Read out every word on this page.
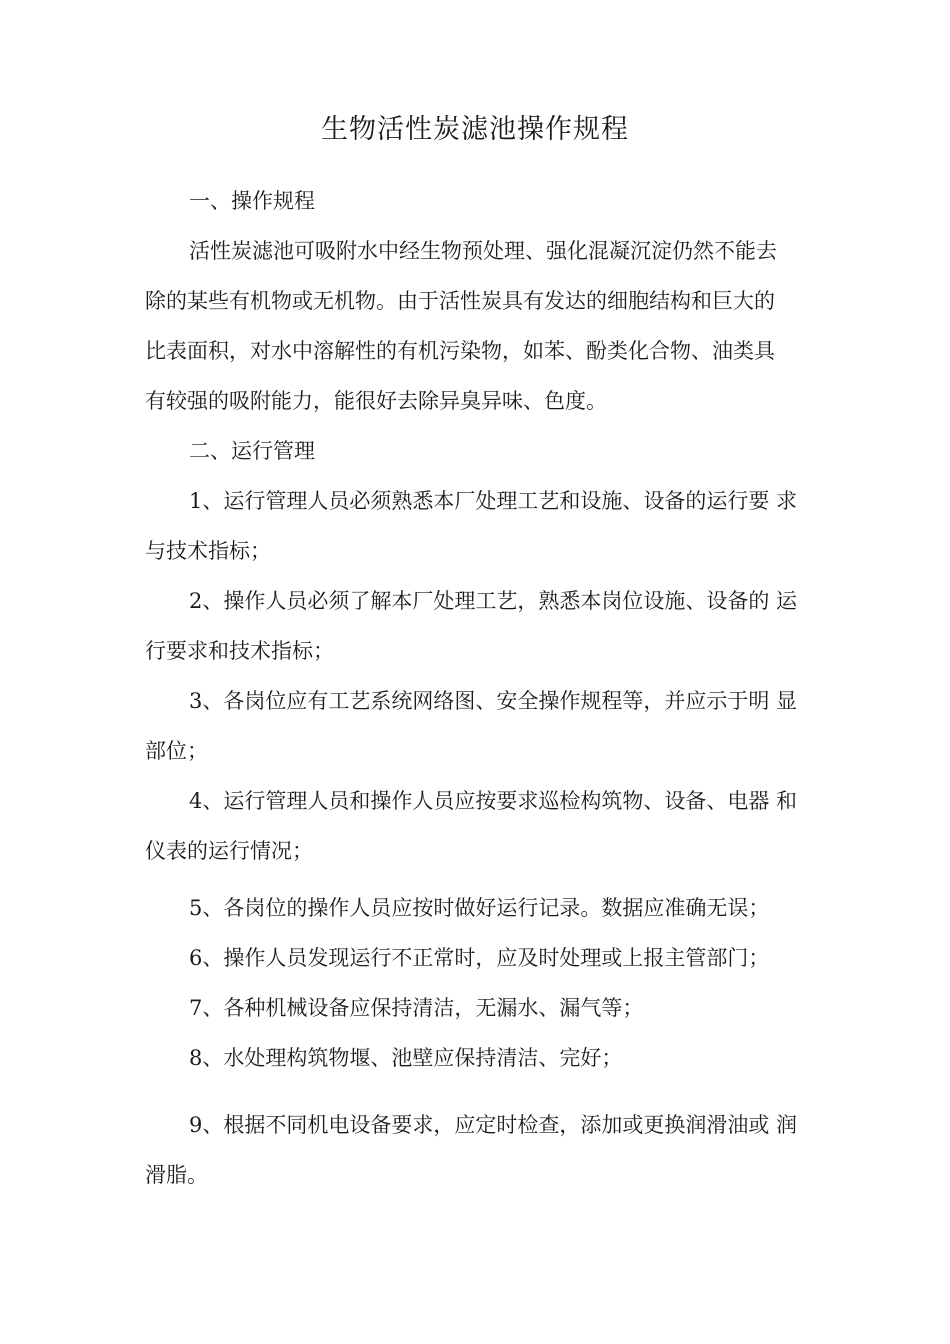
生物活性炭滤池操作规程
一、操作规程
活性炭滤池可吸附水中经生物预处理、强化混凝沉淀仍然不能去
除的某些有机物或无机物。由于活性炭具有发达的细胞结构和巨大的
比表面积，对水中溶解性的有机污染物，如苯、酚类化合物、油类具
有较强的吸附能力，能很好去除异臭异味、色度。
二、运行管理
1、运行管理人员必须熟悉本厂处理工艺和设施、设备的运行要 求
与技术指标；
2、操作人员必须了解本厂处理工艺，熟悉本岗位设施、设备的 运
行要求和技术指标；
3、各岗位应有工艺系统网络图、安全操作规程等，并应示于明 显
部位；
4、运行管理人员和操作人员应按要求巡检构筑物、设备、电器 和
仪表的运行情况；
5、各岗位的操作人员应按时做好运行记录。数据应准确无误；
6、操作人员发现运行不正常时，应及时处理或上报主管部门；
7、各种机械设备应保持清洁，无漏水、漏气等；
8、水处理构筑物堰、池壁应保持清洁、完好；
9、根据不同机电设备要求，应定时检查，添加或更换润滑油或 润
滑脂。
